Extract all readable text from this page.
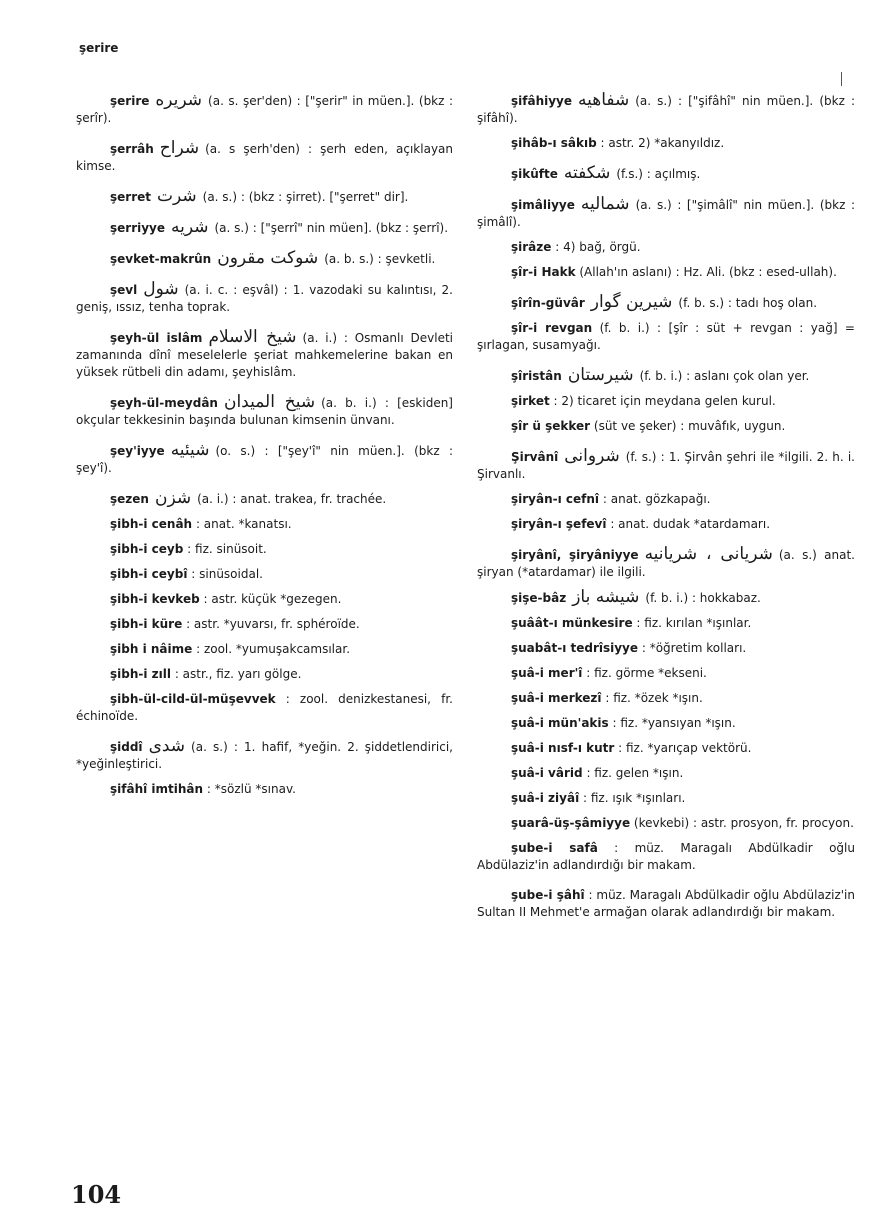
şerire
şerire شريره (a. s. şer'den) : ["şerir" in müen.]. (bkz : şerîr).
şerrâh شراح (a. s şerh'den) : şerh eden, açıklayan kimse.
şerret شرت (a. s.) : (bkz : şirret). ["şerret" dir].
şerriyye شريه (a. s.) : ["şerrî" nin müen]. (bkz : şerrî).
şevket-makrûn شوكت مقرون (a. b. s.) : şevketli.
şevl شول (a. i. c. : eşvâl) : 1. vazodaki su kalıntısı, 2. geniş, ıssız, tenha toprak.
şeyh-ül islâm شيخ الاسلام (a. i.) : Osmanlı Devleti zamanında dînî meselelerle şeriat mahkemelerine bakan en yüksek rütbeli din adamı, şeyhislâm.
şeyh-ül-meydân شيخ الميدان (a. b. i.) : [eskiden] okçular tekkesinin başında bulunan kimsenin ünvanı.
şey'iyye شيئيه (o. s.) : ["şey'î" nin müen.]. (bkz : şey'î).
şezen شزن (a. i.) : anat. trakea, fr. trachée.
şibh-i cenâh : anat. *kanatsı.
şibh-i ceyb : fiz. sinüsoit.
şibh-i ceybî : sinüsoidal.
şibh-i kevkeb : astr. küçük *gezegen.
şibh-i küre : astr. *yuvarsı, fr. sphéroïde.
şibh i nâime : zool. *yumuşakcamsılar.
şibh-i zıll : astr., fiz. yarı gölge.
şibh-ül-cild-ül-müşevvek : zool. denizkestanesi, fr. échinoïde.
şiddî شدى (a. s.) : 1. hafif, *yeğin. 2. şiddetlendirici, *yeğinleştirici.
şifâhî imtihân : *sözlü *sınav.
şifâhiyye شفاهيه (a. s.) : ["şifâhî" nin müen.]. (bkz : şifâhî).
şihâb-ı sâkıb : astr. 2) *akanyıldız.
şikûfte شكفته (f.s.) : açılmış.
şimâliyye شماليه (a. s.) : ["şimâlî" nin müen.]. (bkz : şimâlî).
şirâze : 4) bağ, örgü.
şîr-i Hakk (Allah'ın aslanı) : Hz. Ali. (bkz : esed-ullah).
şîrîn-güvâr شيرين گوار (f. b. s.) : tadı hoş olan.
şîr-i revgan (f. b. i.) : [şîr : süt + revgan : yağ] = şırlagan, susamyağı.
şîristân شيرستان (f. b. i.) : aslanı çok olan yer.
şirket : 2) ticaret için meydana gelen kurul.
şîr ü şekker (süt ve şeker) : muvâfık, uygun.
Şirvânî شروانى (f. s.) : 1. Şirvân şehri ile *ilgili. 2. h. i. Şirvanlı.
şiryân-ı cefnî : anat. gözkapağı.
şiryân-ı şefevî : anat. dudak *atardamarı.
şiryânî, şiryâniyye شريانى ، شريانيه (a. s.) anat. şiryan (*atardamar) ile ilgili.
şişe-bâz شيشه باز (f. b. i.) : hokkabaz.
şuâât-ı münkesire : fiz. kırılan *ışınlar.
şuabât-ı tedrîsiyye : *öğretim kolları.
şuâ-i mer'î : fiz. görme *ekseni.
şuâ-i merkezî : fiz. *özek *ışın.
şuâ-i mün'akis : fiz. *yansıyan *ışın.
şuâ-i nısf-ı kutr : fiz. *yarıçap vektörü.
şuâ-i vârid : fiz. gelen *ışın.
şuâ-i ziyâî : fiz. ışık *ışınları.
şuarâ-üş-şâmiyye (kevkebi) : astr. prosyon, fr. procyon.
şube-i safâ : müz. Maragalı Abdülkadir oğlu Abdülaziz'in adlandırdığı bir makam.
şube-i şâhî : müz. Maragalı Abdülkadir oğlu Abdülaziz'in Sultan II Mehmet'e armağan olarak adlandırdığı bir makam.
104
